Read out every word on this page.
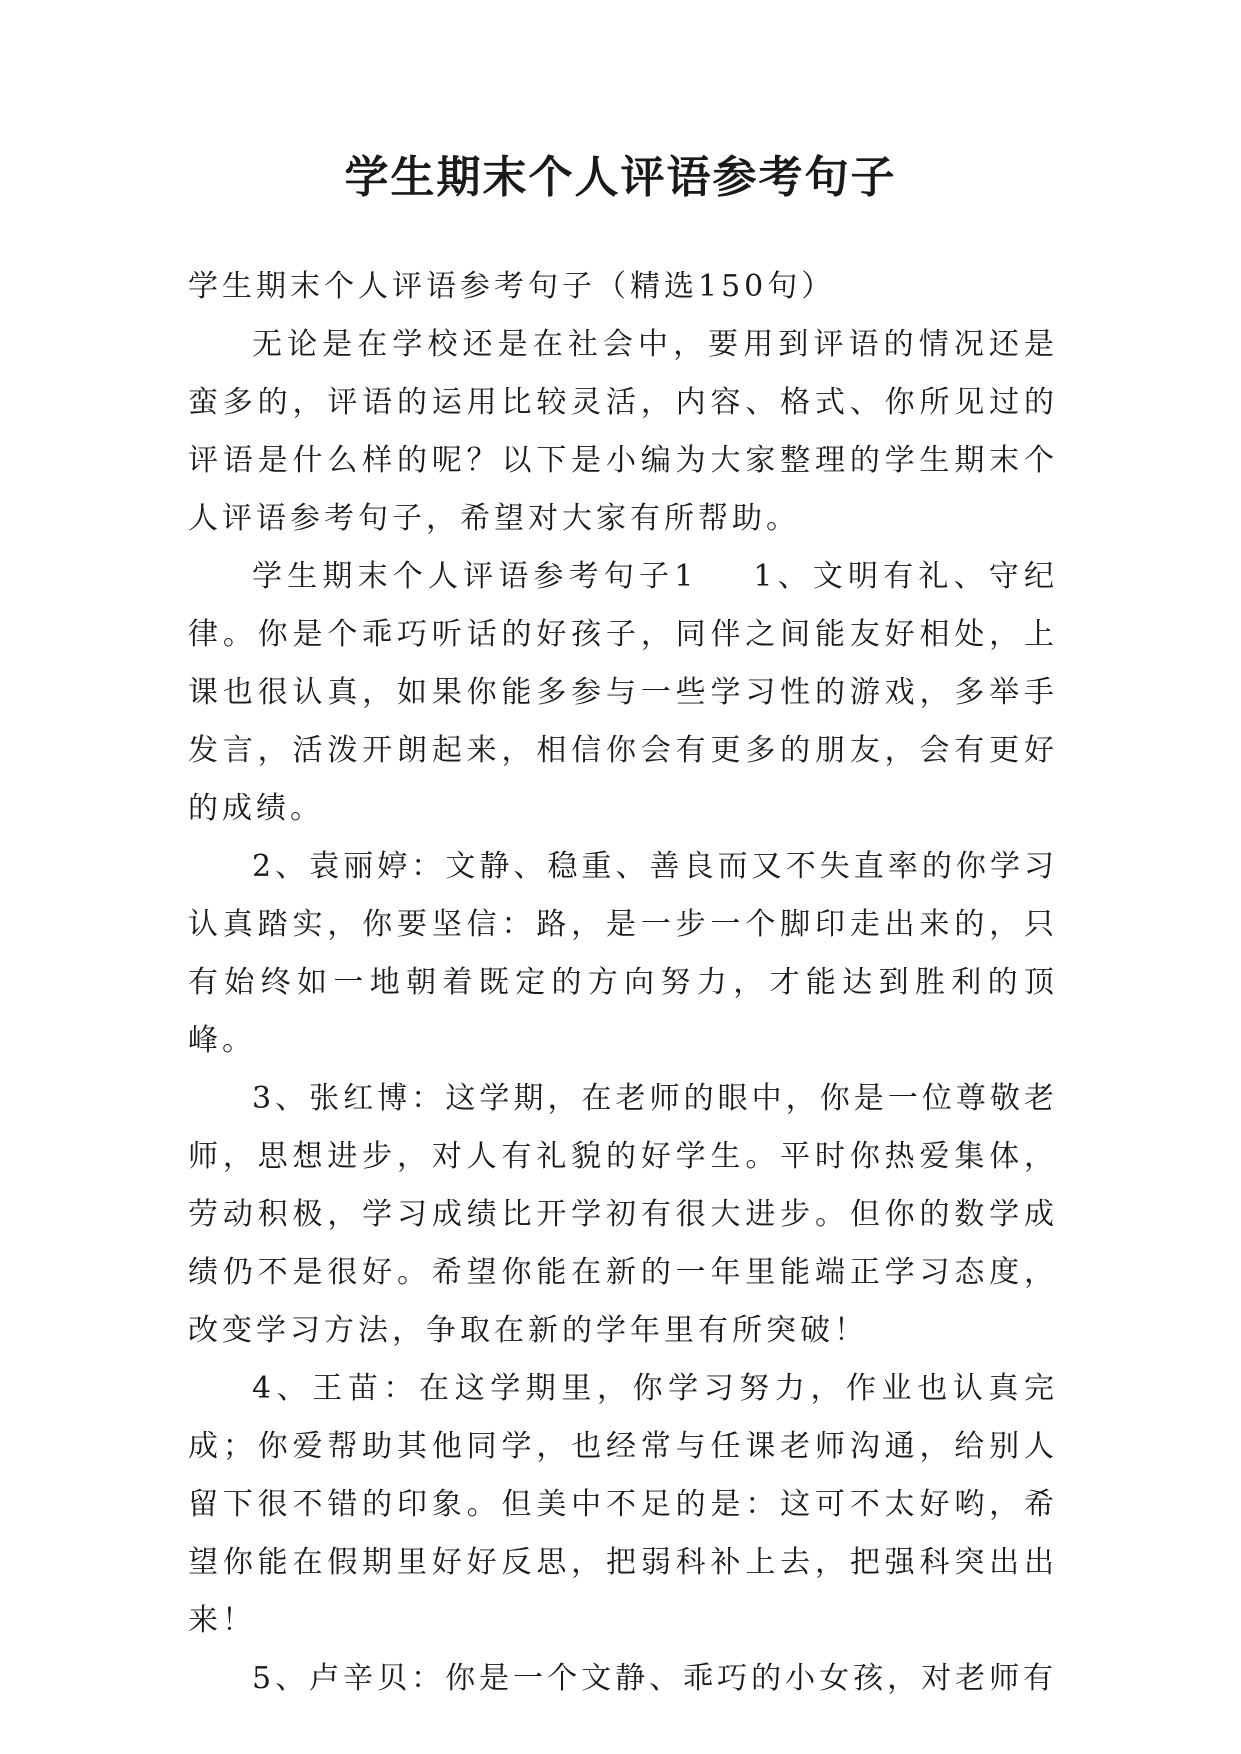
学生期末个人评语参考句子

学生期末个人评语参考句子（精选150句）

无论是在学校还是在社会中，要用到评语的情况还是蛮多的，评语的运用比较灵活，内容、格式、你所见过的评语是什么样的呢？以下是小编为大家整理的学生期末个人评语参考句子，希望对大家有所帮助。

学生期末个人评语参考句子1 1、文明有礼、守纪律。你是个乖巧听话的好孩子，同伴之间能友好相处，上课也很认真，如果你能多参与一些学习性的游戏，多举手发言，活泼开朗起来，相信你会有更多的朋友，会有更好的成绩。

2、袁丽婷：文静、稳重、善良而又不失直率的你学习认真踏实，你要坚信：路，是一步一个脚印走出来的，只有始终如一地朝着既定的方向努力，才能达到胜利的顶峰。

3、张红博：这学期，在老师的眼中，你是一位尊敬老师，思想进步，对人有礼貌的好学生。平时你热爱集体，劳动积极，学习成绩比开学初有很大进步。但你的数学成绩仍不是很好。希望你能在新的一年里能端正学习态度，改变学习方法，争取在新的学年里有所突破！

4、王苗：在这学期里，你学习努力，作业也认真完成；你爱帮助其他同学，也经常与任课老师沟通，给别人留下很不错的印象。但美中不足的是：这可不太好哟，希望你能在假期里好好反思，把弱科补上去，把强科突出出来！

5、卢辛贝：你是一个文静、乖巧的小女孩，对老师有
